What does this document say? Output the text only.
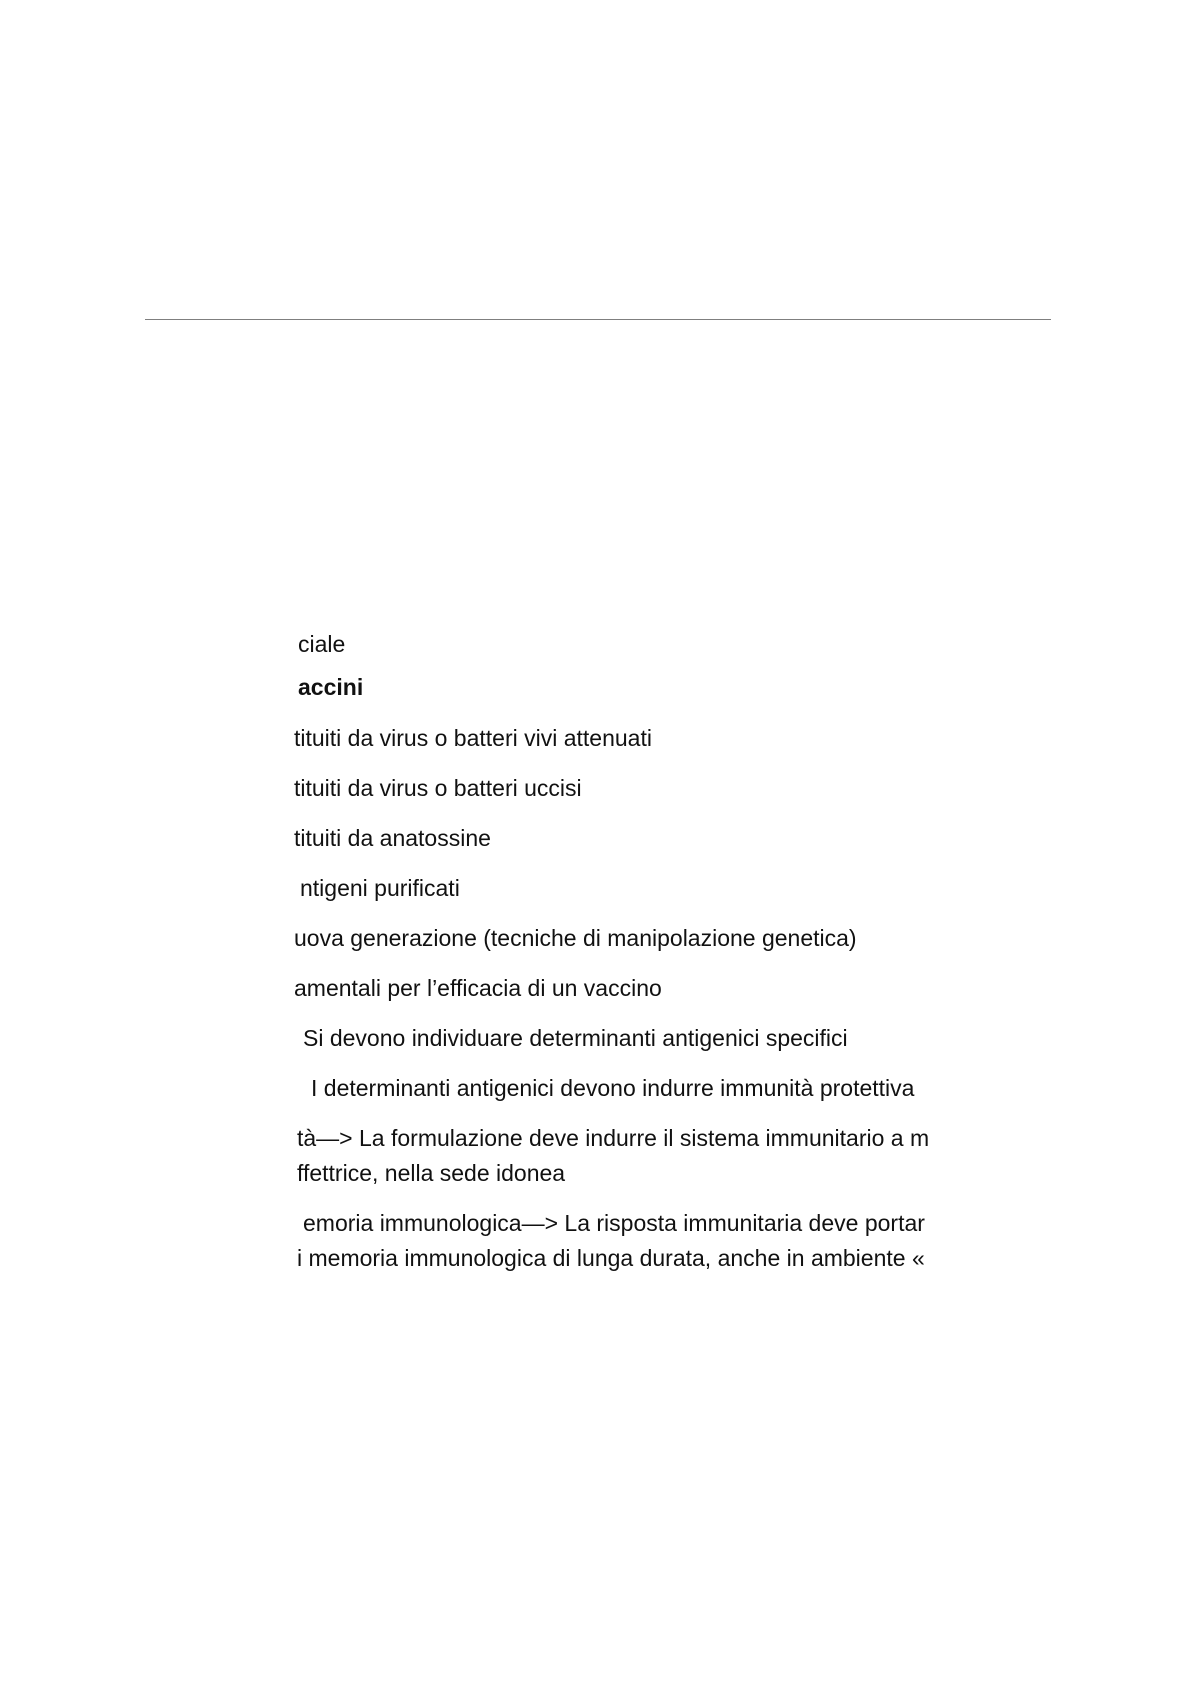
ciale

accini

tituiti da virus o batteri vivi attenuati

tituiti da virus o batteri uccisi

tituiti da anatossine

ntigeni purificati

uova generazione (tecniche di manipolazione genetica)

amentali per l’efficacia di un vaccino

Si devono individuare determinanti antigenici specifici

I determinanti antigenici devono indurre immunità protettiva

tà—> La formulazione deve indurre il sistema immunitario a m

ffettrice, nella sede idonea

emoria immunologica—> La risposta immunitaria deve portar

i memoria immunologica di lunga durata, anche in ambiente «
